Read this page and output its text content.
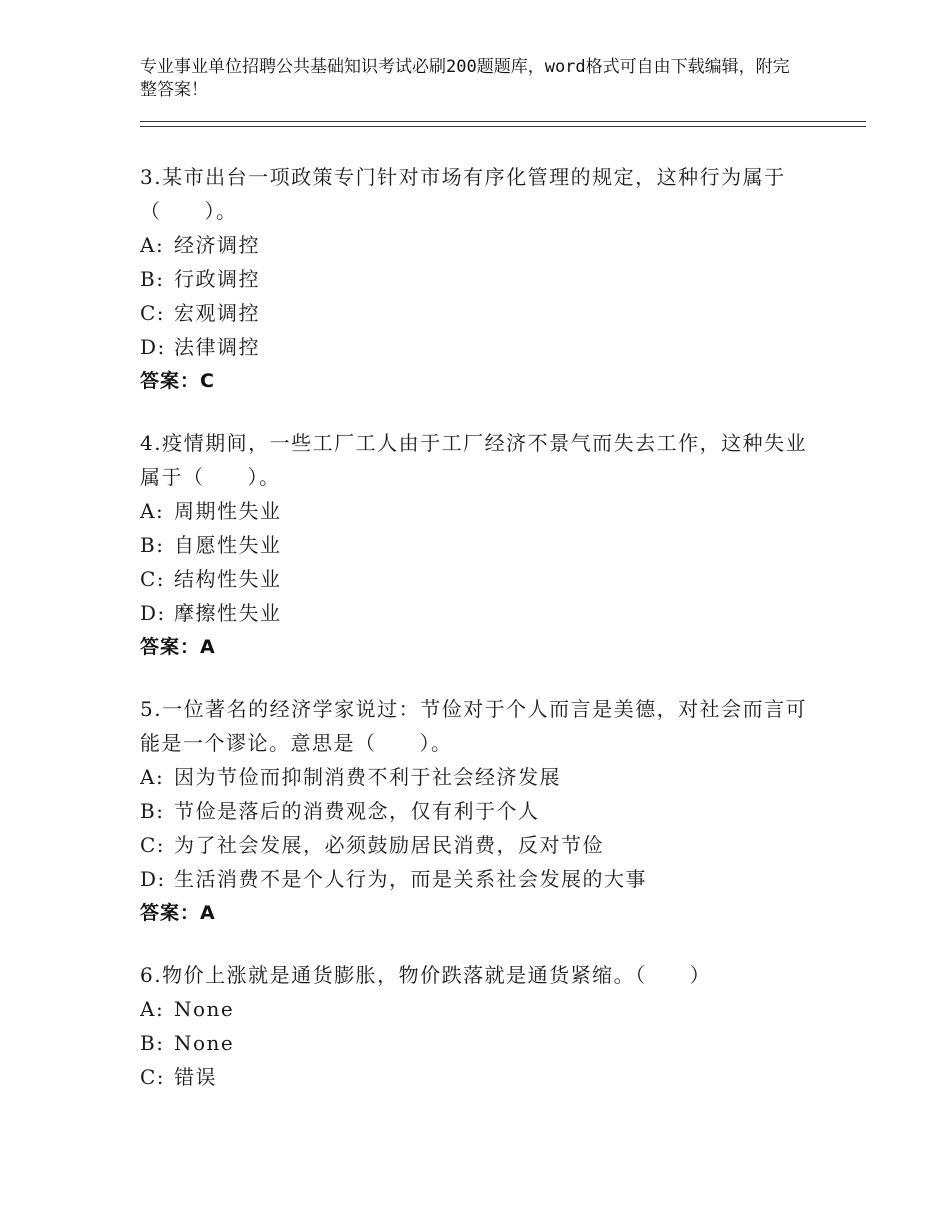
专业事业单位招聘公共基础知识考试必刷200题题库，word格式可自由下载编辑，附完整答案！
3.某市出台一项政策专门针对市场有序化管理的规定，这种行为属于（　　）。
A: 经济调控
B: 行政调控
C: 宏观调控
D: 法律调控
答案：C
4.疫情期间，一些工厂工人由于工厂经济不景气而失去工作，这种失业属于（　　）。
A: 周期性失业
B: 自愿性失业
C: 结构性失业
D: 摩擦性失业
答案：A
5.一位著名的经济学家说过：节俭对于个人而言是美德，对社会而言可能是一个谬论。意思是（　　）。
A: 因为节俭而抑制消费不利于社会经济发展
B: 节俭是落后的消费观念，仅有利于个人
C: 为了社会发展，必须鼓励居民消费，反对节俭
D: 生活消费不是个人行为，而是关系社会发展的大事
答案：A
6.物价上涨就是通货膨胀，物价跌落就是通货紧缩。（　　）
A: None
B: None
C: 错误
